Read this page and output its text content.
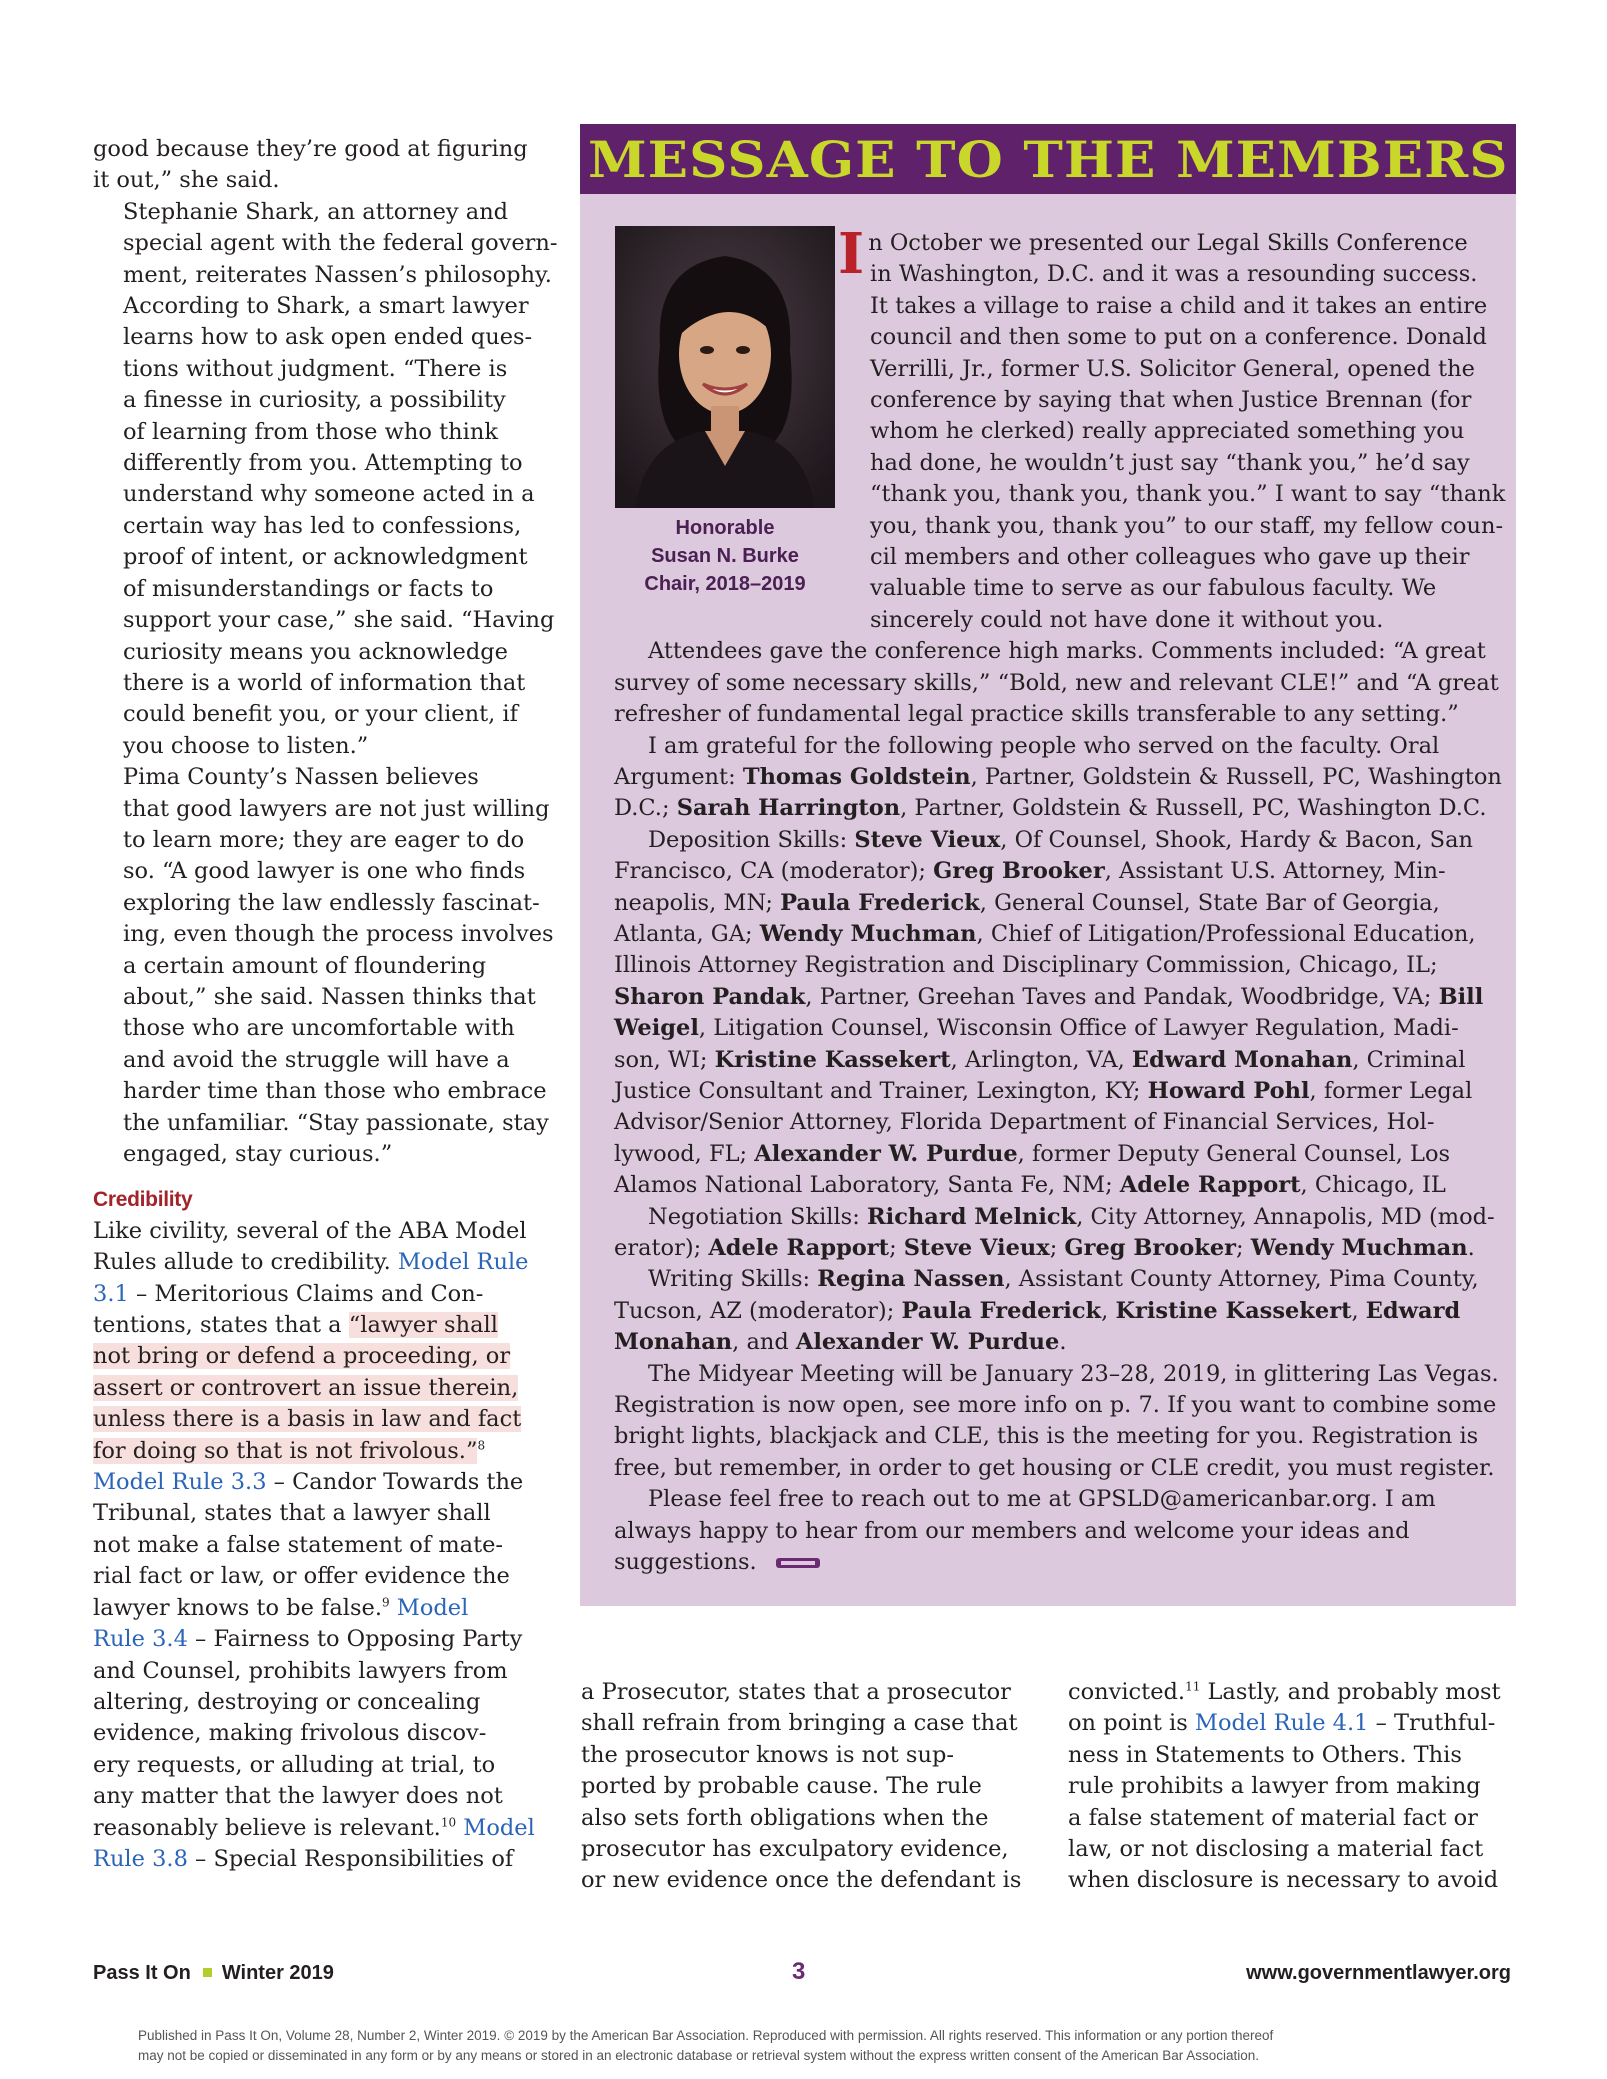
good because they’re good at figuring
it out,” she said.

Stephanie Shark, an attorney and
special agent with the federal govern-
ment, reiterates Nassen’s philosophy.
According to Shark, a smart lawyer
learns how to ask open ended ques-
tions without judgment. “There is
a finesse in curiosity, a possibility
of learning from those who think
differently from you. Attempting to
understand why someone acted in a
certain way has led to confessions,
proof of intent, or acknowledgment
of misunderstandings or facts to
support your case,” she said. “Having
curiosity means you acknowledge
there is a world of information that
could benefit you, or your client, if
you choose to listen.”

Pima County’s Nassen believes
that good lawyers are not just willing
to learn more; they are eager to do
so. “A good lawyer is one who finds
exploring the law endlessly fascinat-
ing, even though the process involves
a certain amount of floundering
about,” she said. Nassen thinks that
those who are uncomfortable with
and avoid the struggle will have a
harder time than those who embrace
the unfamiliar. “Stay passionate, stay
engaged, stay curious.”

Credibility

Like civility, several of the ABA Model
Rules allude to credibility. Model Rule
3.1 – Meritorious Claims and Con-
tentions, states that a “lawyer shall
not bring or defend a proceeding, or
assert or controvert an issue therein,
unless there is a basis in law and fact
for doing so that is not frivolous.”$^8$
Model Rule 3.3 – Candor Towards the
Tribunal, states that a lawyer shall
not make a false statement of mate-
rial fact or law, or offer evidence the
lawyer knows to be false.$^9$ Model
Rule 3.4 – Fairness to Opposing Party
and Counsel, prohibits lawyers from
altering, destroying or concealing
evidence, making frivolous discov-
ery requests, or alluding at trial, to
any matter that the lawyer does not
reasonably believe is relevant.$^{10}$ Model
Rule 3.8 – Special Responsibilities of

MESSAGE TO THE MEMBERS
Honorable
Susan N. Burke
Chair, 2018–2019
I n October we presented our Legal Skills Conference
in Washington, D.C. and it was a resounding success.
It takes a village to raise a child and it takes an entire
council and then some to put on a conference. Donald
Verrilli, Jr., former U.S. Solicitor General, opened the
conference by saying that when Justice Brennan (for
whom he clerked) really appreciated something you
had done, he wouldn’t just say “thank you,” he’d say
“thank you, thank you, thank you.” I want to say “thank
you, thank you, thank you” to our staff, my fellow coun-
cil members and other colleagues who gave up their
valuable time to serve as our fabulous faculty. We
sincerely could not have done it without you.
Attendees gave the conference high marks. Comments included: “A great
survey of some necessary skills,” “Bold, new and relevant CLE!” and “A great
refresher of fundamental legal practice skills transferable to any setting.”
I am grateful for the following people who served on the faculty. Oral
Argument: Thomas Goldstein, Partner, Goldstein & Russell, PC, Washington
D.C.; Sarah Harrington, Partner, Goldstein & Russell, PC, Washington D.C.
Deposition Skills: Steve Vieux, Of Counsel, Shook, Hardy & Bacon, San
Francisco, CA (moderator); Greg Brooker, Assistant U.S. Attorney, Min-
neapolis, MN; Paula Frederick, General Counsel, State Bar of Georgia,
Atlanta, GA; Wendy Muchman, Chief of Litigation/Professional Education,
Illinois Attorney Registration and Disciplinary Commission, Chicago, IL;
Sharon Pandak, Partner, Greehan Taves and Pandak, Woodbridge, VA; Bill
Weigel, Litigation Counsel, Wisconsin Office of Lawyer Regulation, Madi-
son, WI; Kristine Kassekert, Arlington, VA, Edward Monahan, Criminal
Justice Consultant and Trainer, Lexington, KY; Howard Pohl, former Legal
Advisor/Senior Attorney, Florida Department of Financial Services, Hol-
lywood, FL; Alexander W. Purdue, former Deputy General Counsel, Los
Alamos National Laboratory, Santa Fe, NM; Adele Rapport, Chicago, IL
Negotiation Skills: Richard Melnick, City Attorney, Annapolis, MD (mod-
erator); Adele Rapport; Steve Vieux; Greg Brooker; Wendy Muchman.
Writing Skills: Regina Nassen, Assistant County Attorney, Pima County,
Tucson, AZ (moderator); Paula Frederick, Kristine Kassekert, Edward
Monahan, and Alexander W. Purdue.
The Midyear Meeting will be January 23–28, 2019, in glittering Las Vegas.
Registration is now open, see more info on p. 7. If you want to combine some
bright lights, blackjack and CLE, this is the meeting for you. Registration is
free, but remember, in order to get housing or CLE credit, you must register.
Please feel free to reach out to me at GPSLD@americanbar.org. I am
always happy to hear from our members and welcome your ideas and
suggestions.
a Prosecutor, states that a prosecutor
shall refrain from bringing a case that
the prosecutor knows is not sup-
ported by probable cause. The rule
also sets forth obligations when the
prosecutor has exculpatory evidence,
or new evidence once the defendant is
convicted.$^{11}$ Lastly, and probably most
on point is Model Rule 4.1 – Truthful-
ness in Statements to Others. This
rule prohibits a lawyer from making
a false statement of material fact or
law, or not disclosing a material fact
when disclosure is necessary to avoid
Pass It On Winter 2019	3	www.governmentlawyer.org
Published in Pass It On, Volume 28, Number 2, Winter 2019. © 2019 by the American Bar Association. Reproduced with permission. All rights reserved. This information or any portion thereof
may not be copied or disseminated in any form or by any means or stored in an electronic database or retrieval system without the express written consent of the American Bar Association.
